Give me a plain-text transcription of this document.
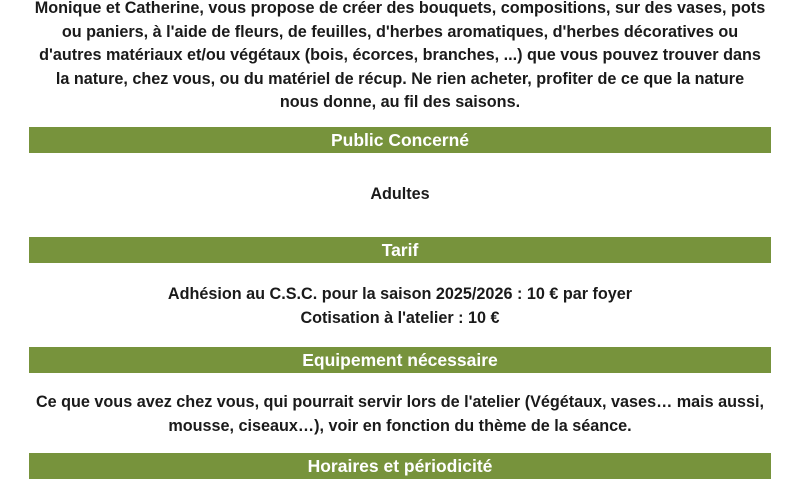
Monique et Catherine, vous propose de créer des bouquets, compositions, sur des vases, pots
ou paniers, à l'aide de fleurs, de feuilles, d'herbes aromatiques, d'herbes décoratives ou
d'autres matériaux et/ou végétaux (bois, écorces, branches, ...) que vous pouvez trouver dans
la nature, chez vous, ou du matériel de récup. Ne rien acheter, profiter de ce que la nature
nous donne, au fil des saisons.
Public Concerné
Adultes
Tarif
Adhésion au C.S.C. pour la saison 2025/2026 : 10 € par foyer
Cotisation à l'atelier : 10 €
Equipement nécessaire
Ce que vous avez chez vous, qui pourrait servir lors de l'atelier (Végétaux, vases… mais aussi,
mousse, ciseaux…), voir en fonction du thème de la séance.
Horaires et périodicité
